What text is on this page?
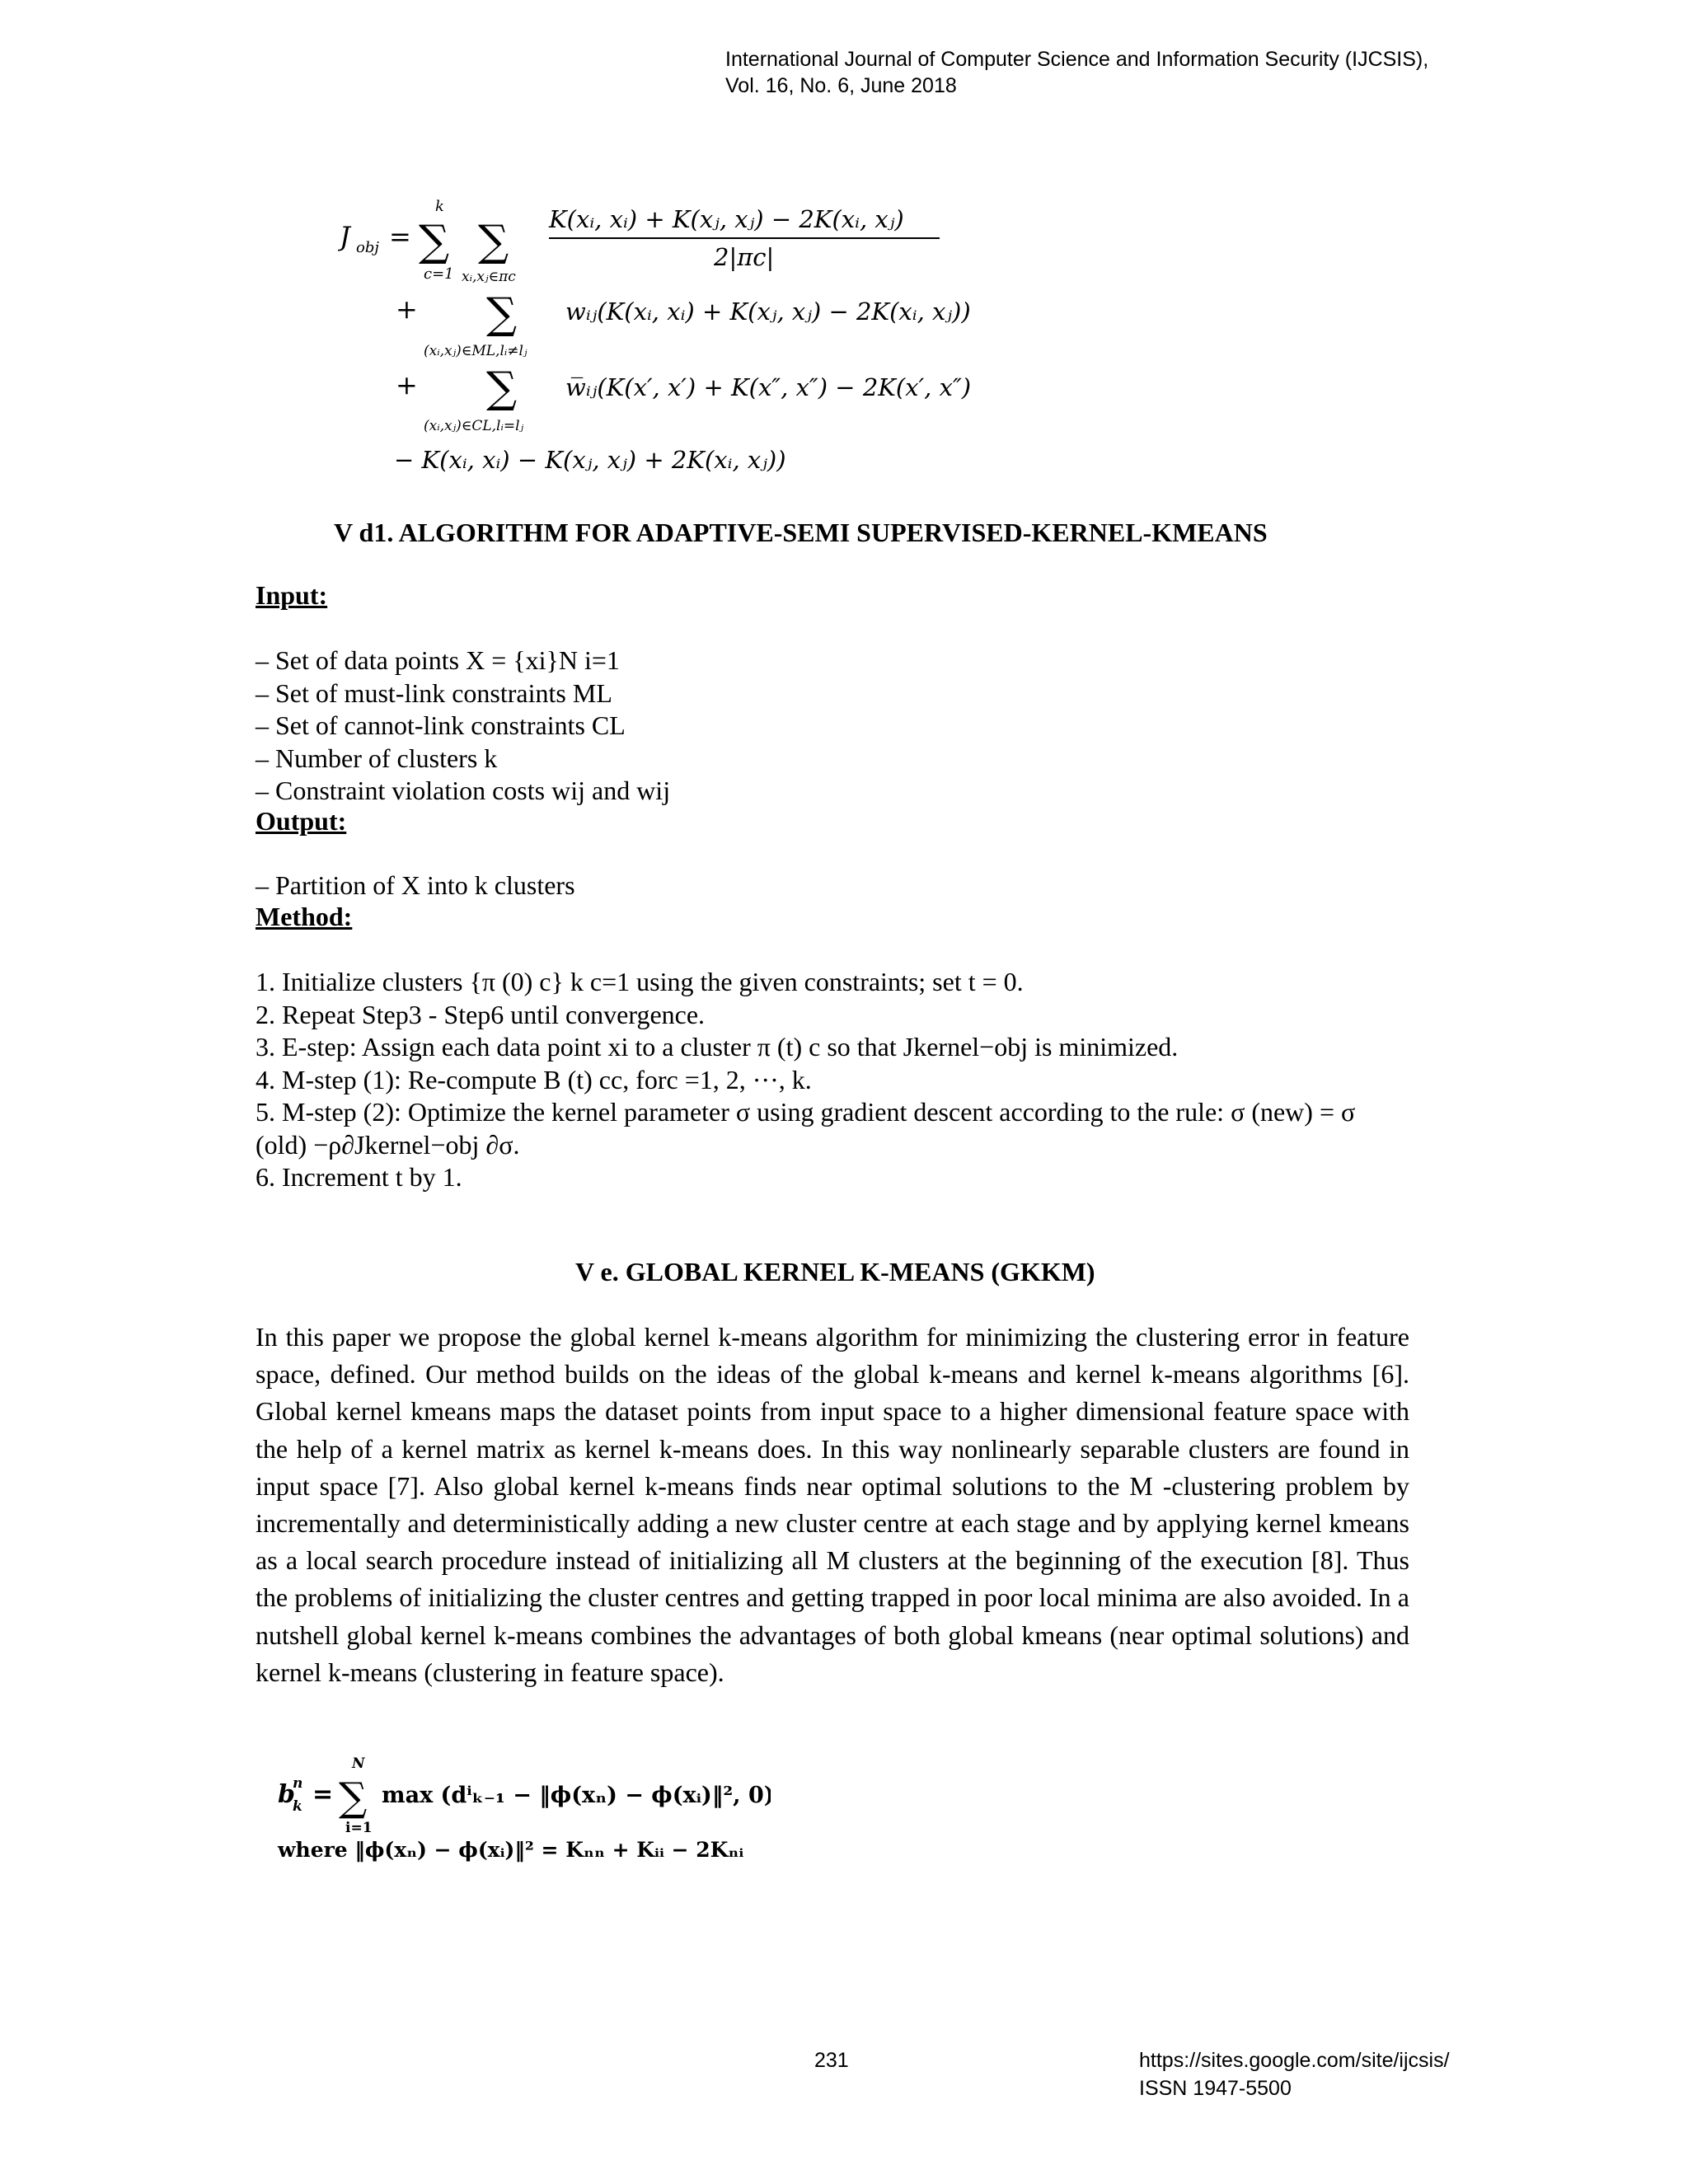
International Journal of Computer Science and Information Security (IJCSIS),
Vol. 16, No. 6, June 2018
J obj =
k
∑
c=1
∑
xᵢ,xⱼ∈πc
K(xᵢ, xᵢ) + K(xⱼ, xⱼ) − 2K(xᵢ, xⱼ)
2|πc|
+ ∑
(xᵢ,xⱼ)∈ML,lᵢ≠lⱼ
wᵢⱼ(K(xᵢ, xᵢ) + K(xⱼ, xⱼ) − 2K(xᵢ, xⱼ))
+ ∑
(xᵢ,xⱼ)∈CL,lᵢ=lⱼ
w̅ᵢⱼ(K(x′, x′) + K(x″, x″) − 2K(x′, x″)
− K(xᵢ, xᵢ) − K(xⱼ, xⱼ) + 2K(xᵢ, xⱼ))
V d1. ALGORITHM FOR ADAPTIVE-SEMI SUPERVISED-KERNEL-KMEANS
Input:
– Set of data points X = {xi}N i=1
– Set of must-link constraints ML
– Set of cannot-link constraints CL
– Number of clusters k
– Constraint violation costs wij and wij
Output:
– Partition of X into k clusters
Method:
1. Initialize clusters {π (0) c} k c=1 using the given constraints; set t = 0.
2. Repeat Step3 - Step6 until convergence.
3. E-step: Assign each data point xi to a cluster π (t) c so that Jkernel−obj is minimized.
4. M-step (1): Re-compute B (t) cc, forc =1, 2, ···, k.
5. M-step (2): Optimize the kernel parameter σ using gradient descent according to the rule: σ (new) = σ (old) −ρ∂Jkernel−obj ∂σ.
6. Increment t by 1.
V e. GLOBAL KERNEL K-MEANS (GKKM)

In this paper we propose the global kernel k-means algorithm for minimizing the clustering error in feature space, defined. Our method builds on the ideas of the global k-means and kernel k-means algorithms [6]. Global kernel kmeans maps the dataset points from input space to a higher dimensional feature space with the help of a kernel matrix as kernel k-means does. In this way nonlinearly separable clusters are found in input space [7]. Also global kernel k-means finds near optimal solutions to the M -clustering problem by incrementally and deterministically adding a new cluster centre at each stage and by applying kernel kmeans as a local search procedure instead of initializing all M clusters at the beginning of the execution [8]. Thus the problems of initializing the cluster centres and getting trapped in poor local minima are also avoided. In a nutshell global kernel k-means combines the advantages of both global kmeans (near optimal solutions) and kernel k-means (clustering in feature space).

b
k
n =
N
∑
i=1
max (dⁱₖ₋₁ − ‖ϕ(xₙ) − ϕ(xᵢ)‖², 0)
where ‖ϕ(xₙ) − ϕ(xᵢ)‖² = Kₙₙ + Kᵢᵢ − 2Kₙᵢ
231	https://sites.google.com/site/ijcsis/
ISSN 1947-5500
